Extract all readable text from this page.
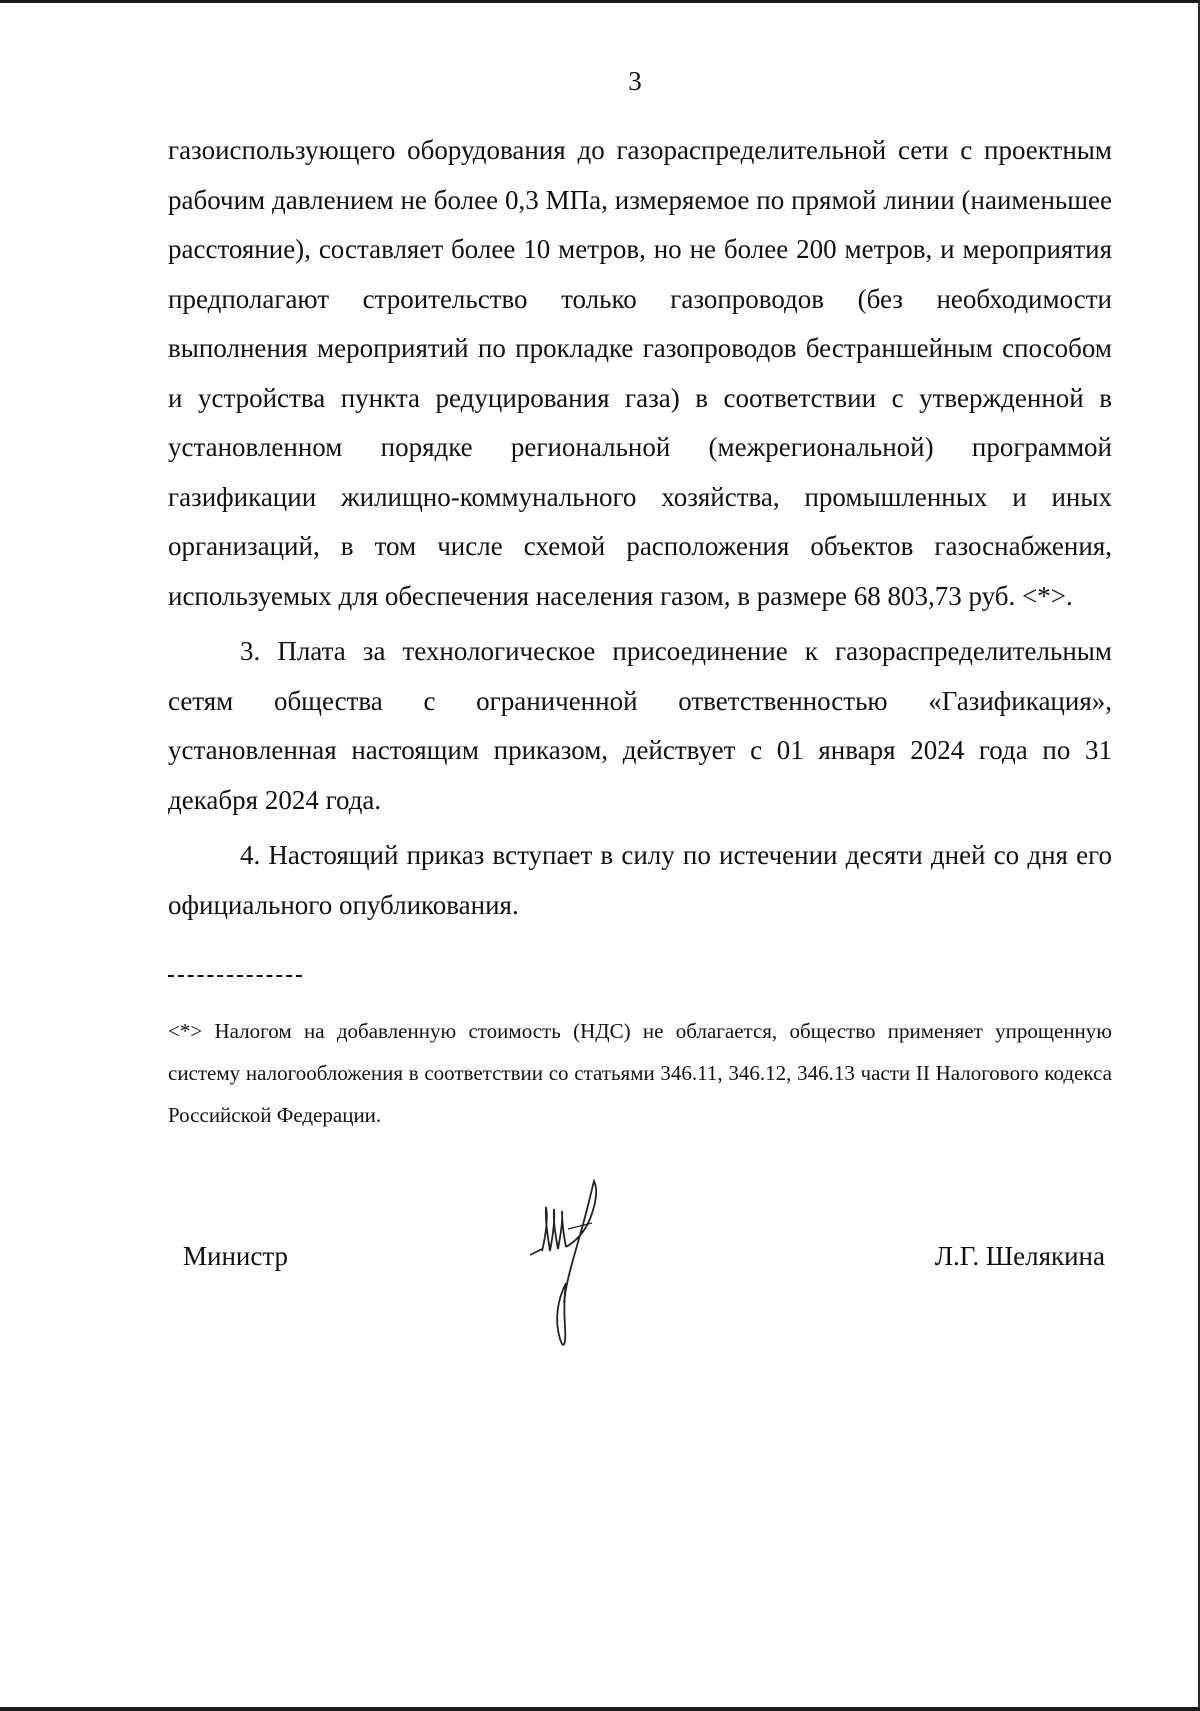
3

газоиспользующего оборудования до газораспределительной сети с проектным рабочим давлением не более 0,3 МПа, измеряемое по прямой линии (наименьшее расстояние), составляет более 10 метров, но не более 200 метров, и мероприятия предполагают строительство только газопроводов (без необходимости выполнения мероприятий по прокладке газопроводов бестраншейным способом и устройства пункта редуцирования газа) в соответствии с утвержденной в установленном порядке региональной (межрегиональной) программой газификации жилищно-коммунального хозяйства, промышленных и иных организаций, в том числе схемой расположения объектов газоснабжения, используемых для обеспечения населения газом, в размере 68 803,73 руб. <*>.

3. Плата за технологическое присоединение к газораспределительным сетям общества с ограниченной ответственностью «Газификация», установленная настоящим приказом, действует с 01 января 2024 года по 31 декабря 2024 года.

4. Настоящий приказ вступает в силу по истечении десяти дней со дня его официального опубликования.

<*> Налогом на добавленную стоимость (НДС) не облагается, общество применяет упрощенную систему налогообложения в соответствии со статьями 346.11, 346.12, 346.13 части II Налогового кодекса Российской Федерации.
Министр	Л.Г. Шелякина
